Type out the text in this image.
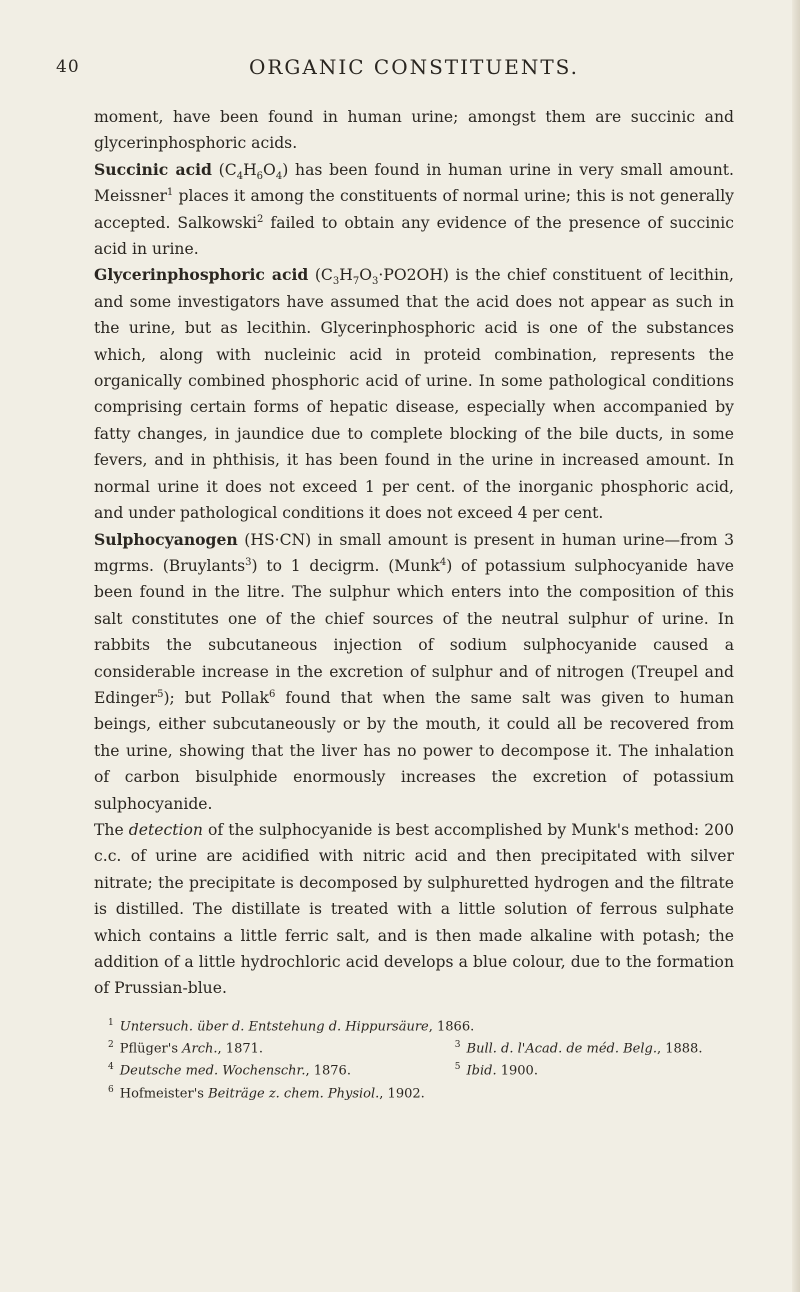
40	ORGANIC CONSTITUENTS.

moment, have been found in human urine; amongst them are succinic and glycerinphosphoric acids.

Succinic acid $(C_4H_6O_4)$ has been found in human urine in very small amount. Meissner$^1$ places it among the constituents of normal urine; this is not generally accepted. Salkowski$^2$ failed to obtain any evidence of the presence of succinic acid in urine.

Glycerinphosphoric acid $(C_3H_7O_3\cdot PO2OH)$ is the chief constituent of lecithin, and some investigators have assumed that the acid does not appear as such in the urine, but as lecithin. Glycerinphosphoric acid is one of the substances which, along with nucleinic acid in proteid combination, represents the organically combined phosphoric acid of urine. In some pathological conditions comprising certain forms of hepatic disease, especially when accompanied by fatty changes, in jaundice due to complete blocking of the bile ducts, in some fevers, and in phthisis, it has been found in the urine in increased amount. In normal urine it does not exceed 1 per cent. of the inorganic phosphoric acid, and under pathological conditions it does not exceed 4 per cent.

Sulphocyanogen (HS·CN) in small amount is present in human urine—from 3 mgrms. (Bruylants$^3$) to 1 decigrm. (Munk$^4$) of potassium sulphocyanide have been found in the litre. The sulphur which enters into the composition of this salt constitutes one of the chief sources of the neutral sulphur of urine. In rabbits the subcutaneous injection of sodium sulphocyanide caused a considerable increase in the excretion of sulphur and of nitrogen (Treupel and Edinger$^5$); but Pollak$^6$ found that when the same salt was given to human beings, either subcutaneously or by the mouth, it could all be recovered from the urine, showing that the liver has no power to decompose it. The inhalation of carbon bisulphide enormously increases the excretion of potassium sulphocyanide.

The detection of the sulphocyanide is best accomplished by Munk's method: 200 c.c. of urine are acidified with nitric acid and then precipitated with silver nitrate; the precipitate is decomposed by sulphuretted hydrogen and the filtrate is distilled. The distillate is treated with a little solution of ferrous sulphate which contains a little ferric salt, and is then made alkaline with potash; the addition of a little hydrochloric acid develops a blue colour, due to the formation of Prussian-blue.

$^1$ Untersuch. über d. Entstehung d. Hippursäure, 1866.
$^2$ Pflüger's Arch., 1871.	$^3$ Bull. d. l'Acad. de méd. Belg., 1888.
$^4$ Deutsche med. Wochenschr., 1876.	$^5$ Ibid. 1900.
$^6$ Hofmeister's Beiträge z. chem. Physiol., 1902.
